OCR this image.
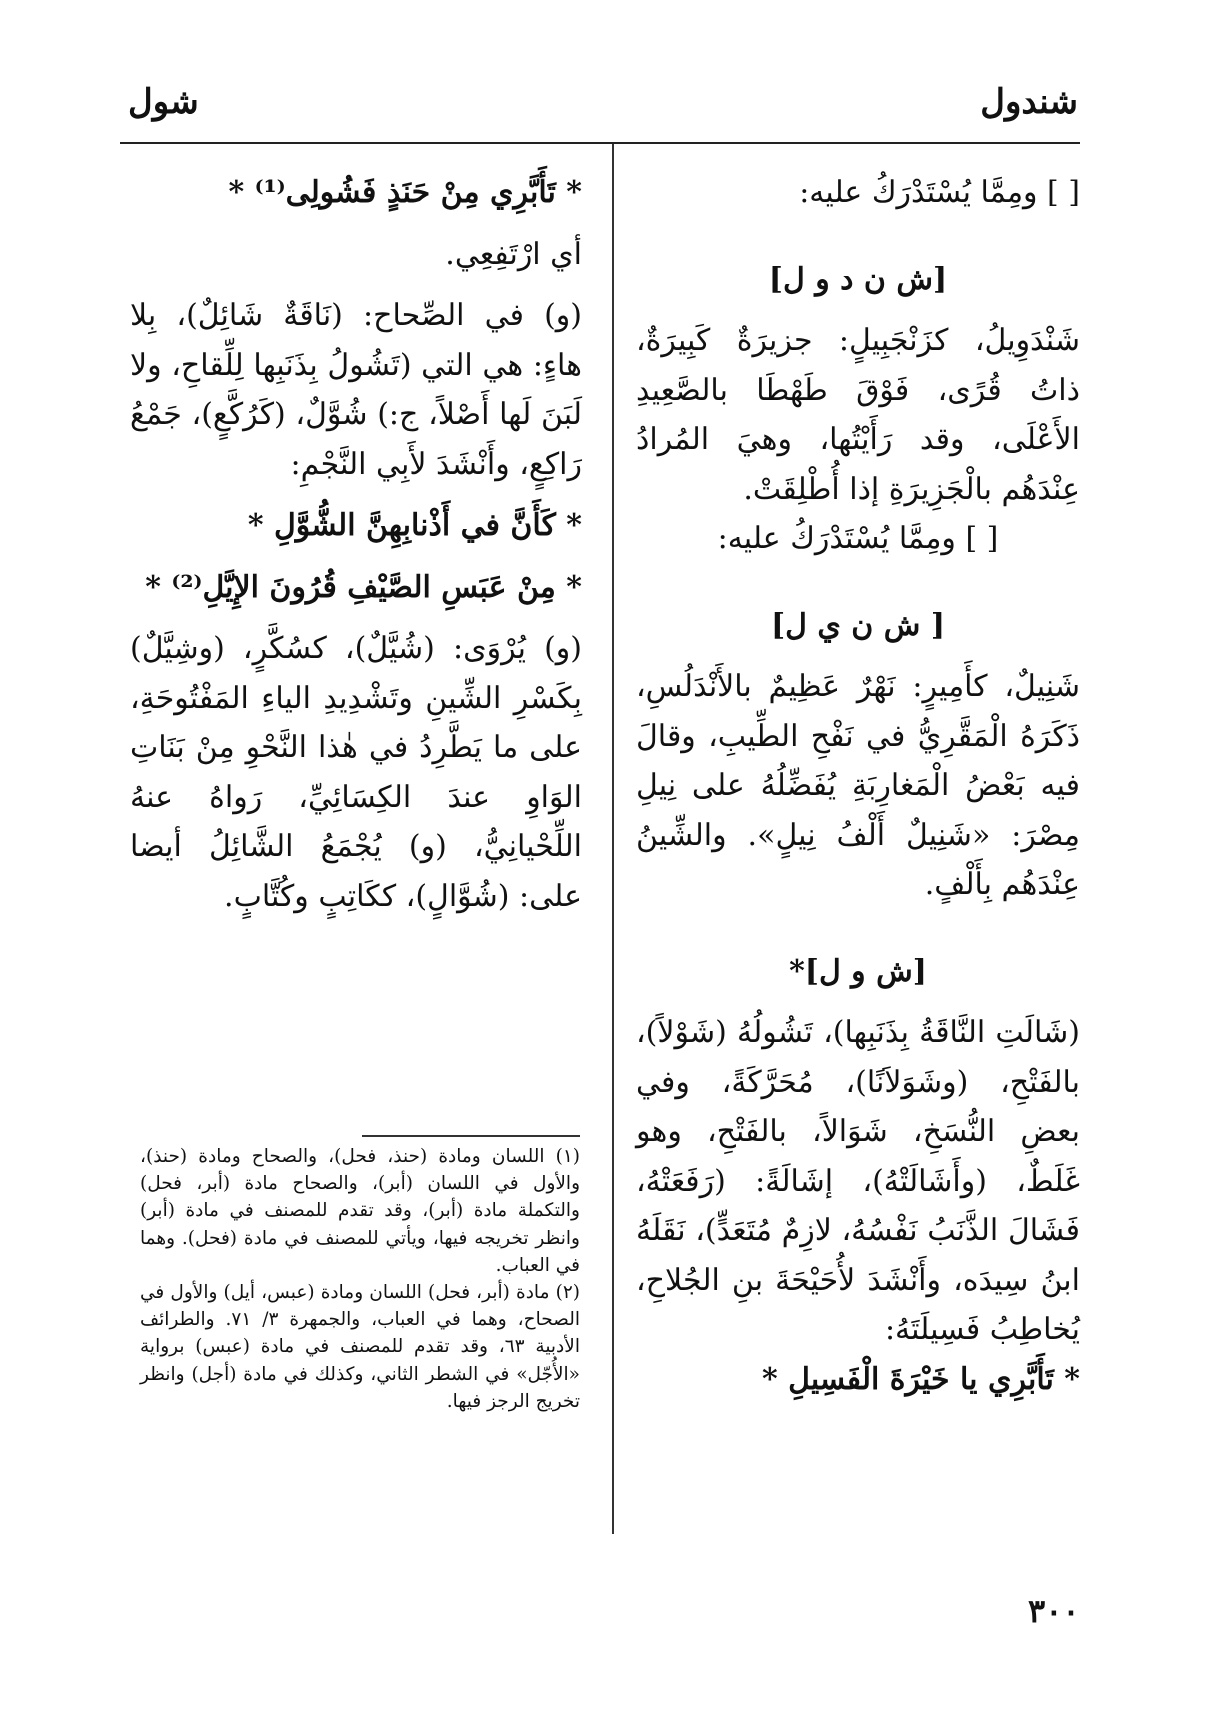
شندول
شول

[ ] ومِمَّا يُسْتَدْرَكُ عليه:

[ش ن د و ل]

شَنْدَوِيلُ، كزَنْجَبِيلٍ: جزيرَةٌ كَبِيرَةٌ، ذاتُ قُرًى، فَوْقَ طَهْطَا بالصَّعِيدِ الأَعْلَى، وقد رَأَيْتُها، وهيَ المُرادُ عِنْدَهُم بالْجَزِيرَةِ إذا أُطْلِقَتْ.

[ ] ومِمَّا يُسْتَدْرَكُ عليه:

[ ش ن ي ل]

شَنِيلٌ، كأَمِيرٍ: نَهْرٌ عَظِيمٌ بالأَنْدَلُسِ، ذَكَرَهُ الْمَقَّرِيُّ في نَفْحِ الطِّيبِ، وقالَ فيه بَعْضُ الْمَغارِبَةِ يُفَضِّلُهُ على نِيلِ مِصْرَ: «شَنِيلٌ أَلْفُ نِيلٍ». والشِّينُ عِنْدَهُم بِأَلْفٍ.

[ش و ل]*

(شَالَتِ النَّاقَةُ بِذَنَبِها)، تَشُولُهُ (شَوْلاً)، بالفَتْحِ، (وشَوَلاَنًا)، مُحَرَّكَةً، وفي بعضِ النُّسَخِ، شَوَالاً، بالفَتْحِ، وهو غَلَطٌ، (وأَشَالَتْهُ)، إشَالَةً: (رَفَعَتْهُ، فَشَالَ الذَّنَبُ نَفْسُهُ، لازِمٌ مُتَعَدٍّ)، نَقَلَهُ ابنُ سِيدَه، وأَنْشَدَ لأُحَيْحَةَ بنِ الجُلاحِ، يُخاطِبُ فَسِيلَتَهُ:

* تَأَبَّرِي يا خَيْرَةَ الْفَسِيلِ *

* تَأَبَّرِي مِنْ حَنَذٍ فَشُولِى⁽¹⁾ *

أي ارْتَفِعِي.

(و) في الصِّحاح: (نَاقَةٌ شَائِلٌ)، بِلا هاءٍ: هي التي (تَشُولُ بِذَنَبِها لِلِّقاحِ، ولا لَبَنَ لَها أَصْلاً، ج:) شُوَّلٌ، (كَرُكَّعٍ)، جَمْعُ رَاكِعٍ، وأَنْشَدَ لأَبِي النَّجْمِ:

* كَأَنَّ في أَذْنابِهِنَّ الشُّوَّلِ *

* مِنْ عَبَسِ الصَّيْفِ قُرُونَ الإِيَّلِ⁽²⁾ *

(و) يُرْوَى: (شُيَّلٌ)، كسُكَّرٍ، (وشِيَّلٌ) بِكَسْرِ الشِّينِ وتَشْدِيدِ الياءِ المَفْتُوحَةِ، على ما يَطَّرِدُ في هٰذا النَّحْوِ مِنْ بَنَاتِ الوَاوِ عندَ الكِسَائِيِّ، رَواهُ عنهُ اللِّحْيانِيُّ، (و) يُجْمَعُ الشَّائِلُ أيضا على: (شُوَّالٍ)، ككَاتِبٍ وكُتَّابٍ.

(١) اللسان ومادة (حنذ، فحل)، والصحاح ومادة (حنذ)، والأول في اللسان (أبر)، والصحاح مادة (أبر، فحل) والتكملة مادة (أبر)، وقد تقدم للمصنف في مادة (أبر) وانظر تخريجه فيها، ويأتي للمصنف في مادة (فحل). وهما في العباب.

(٢) مادة (أبر، فحل) اللسان ومادة (عبس، أيل) والأول في الصحاح، وهما في العباب، والجمهرة ٣/ ٧١. والطرائف الأدبية ٦٣، وقد تقدم للمصنف في مادة (عبس) برواية «الأُجّل» في الشطر الثاني، وكذلك في مادة (أجل) وانظر تخريج الرجز فيها.

٣٠٠
